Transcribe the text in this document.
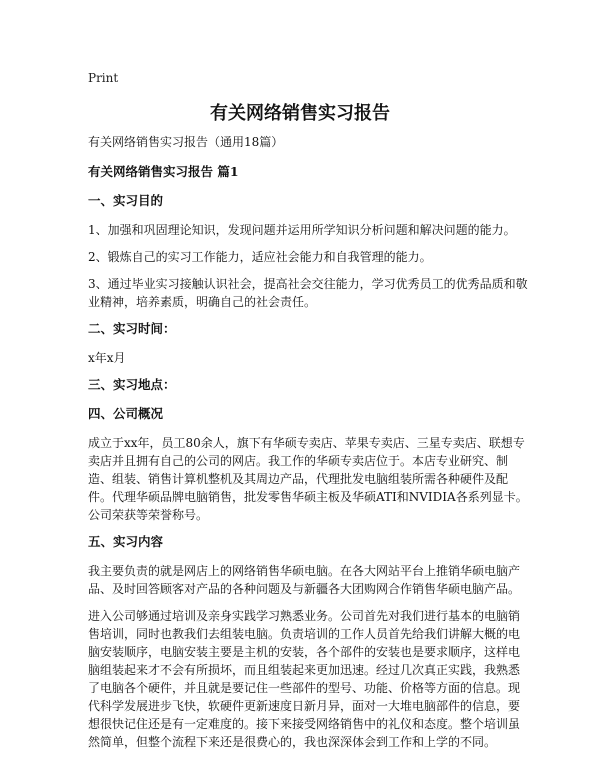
Print
有关网络销售实习报告

有关网络销售实习报告（通用18篇）

有关网络销售实习报告 篇1

一、实习目的

1、加强和巩固理论知识，发现问题并运用所学知识分析问题和解决问题的能力。

2、锻炼自己的实习工作能力，适应社会能力和自我管理的能力。

3、通过毕业实习接触认识社会，提高社会交往能力，学习优秀员工的优秀品质和敬业精神，培养素质，明确自己的社会责任。

二、实习时间：

x年x月

三、实习地点：

四、公司概况

成立于xx年，员工80余人，旗下有华硕专卖店、苹果专卖店、三星专卖店、联想专卖店并且拥有自己的公司的网店。我工作的华硕专卖店位于。本店专业研究、制造、组装、销售计算机整机及其周边产品，代理批发电脑组装所需各种硬件及配件。代理华硕品牌电脑销售，批发零售华硕主板及华硕ATI和NVIDIA各系列显卡。公司荣获等荣誉称号。

五、实习内容

我主要负责的就是网店上的网络销售华硕电脑。在各大网站平台上推销华硕电脑产品、及时回答顾客对产品的各种问题及与新疆各大团购网合作销售华硕电脑产品。

进入公司够通过培训及亲身实践学习熟悉业务。公司首先对我们进行基本的电脑销售培训，同时也教我们去组装电脑。负责培训的工作人员首先给我们讲解大概的电脑安装顺序，电脑安装主要是主机的安装，各个部件的安装也是要求顺序，这样电脑组装起来才不会有所损坏，而且组装起来更加迅速。经过几次真正实践，我熟悉了电脑各个硬件，并且就是要记住一些部件的型号、功能、价格等方面的信息。现代科学发展进步飞快，软硬件更新速度日新月异，面对一大堆电脑部件的信息，要想很快记住还是有一定难度的。接下来接受网络销售中的礼仪和态度。整个培训虽然简单，但整个流程下来还是很费心的，我也深深体会到工作和上学的不同。
